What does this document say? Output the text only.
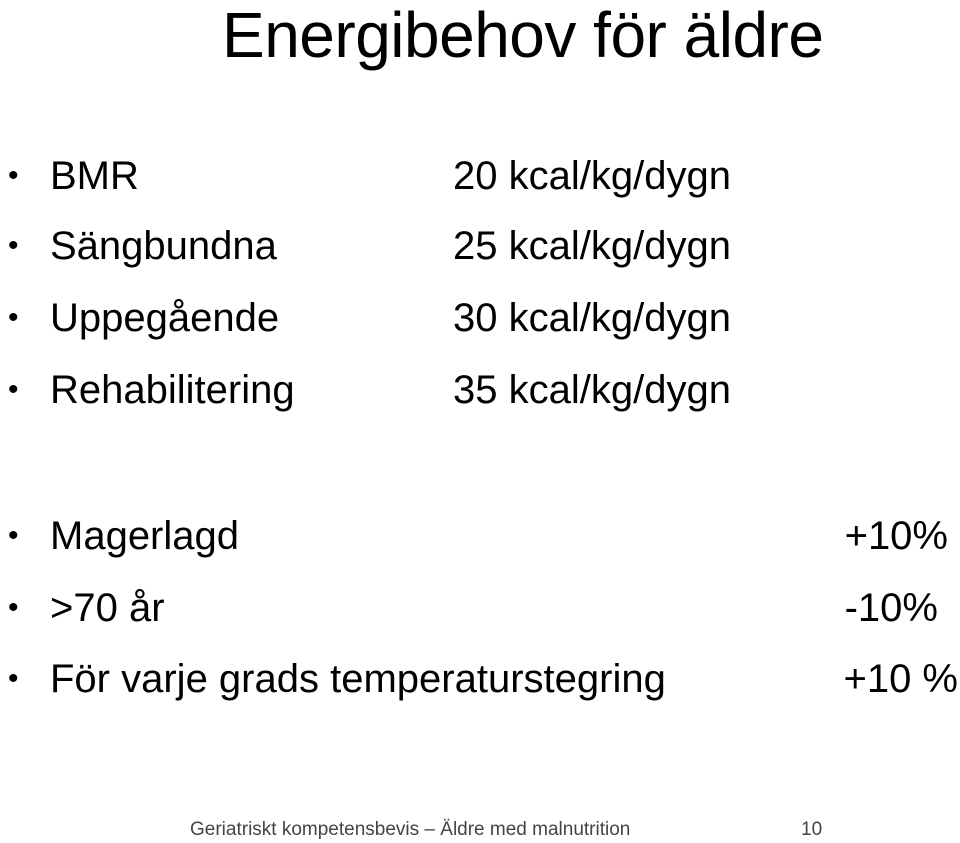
Energibehov för äldre
• BMR	20 kcal/kg/dygn
• Sängbundna	25 kcal/kg/dygn
• Uppegående	30 kcal/kg/dygn
• Rehabilitering	35 kcal/kg/dygn
• Magerlagd	+10%
• >70 år	-10%
• För varje grads temperaturstegring	+10 %
Geriatriskt kompetensbevis – Äldre med malnutrition	10
